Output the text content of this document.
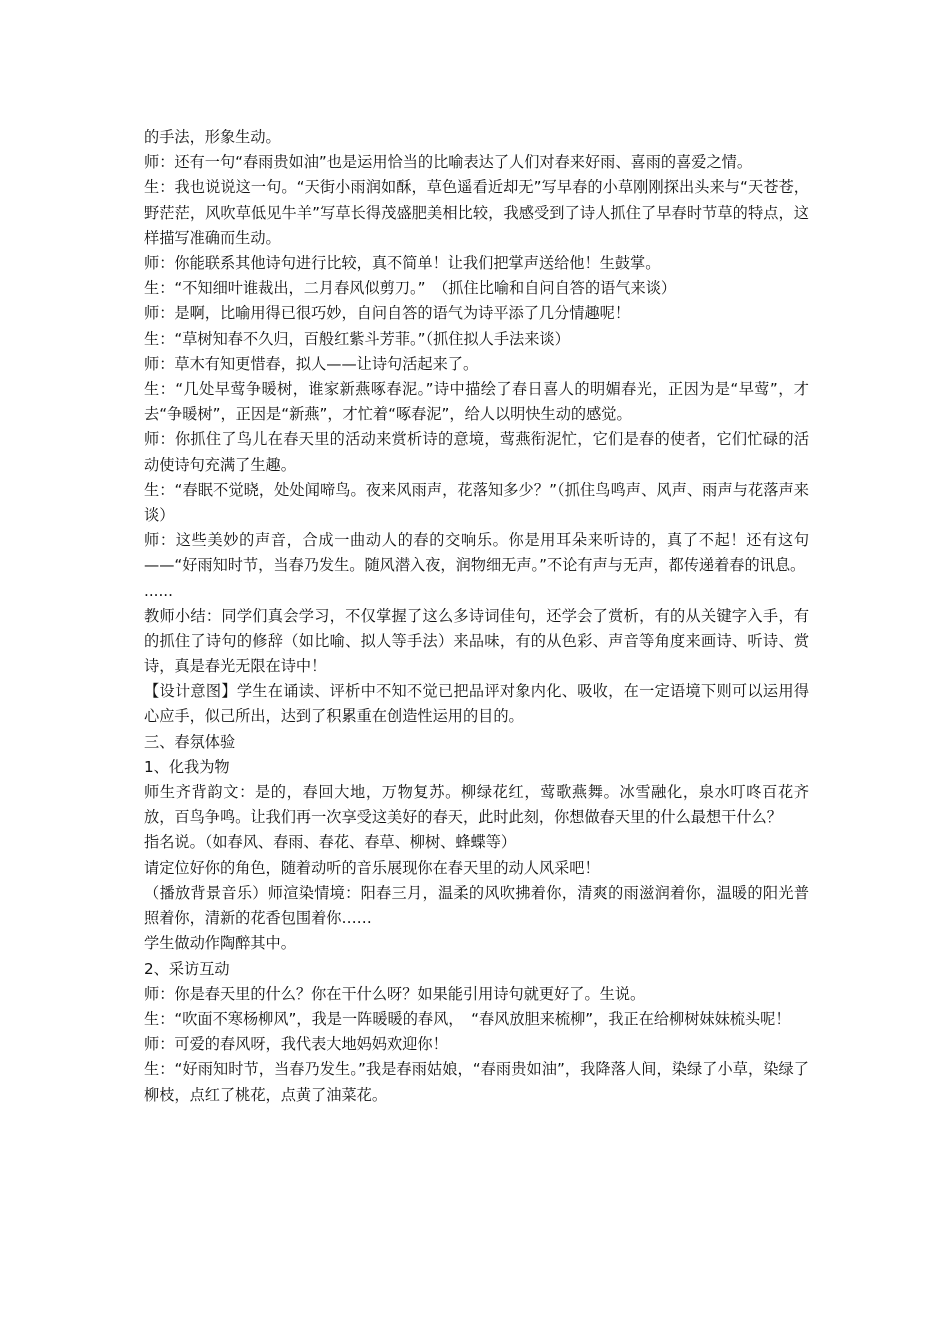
的手法，形象生动。

师：还有一句“春雨贵如油”也是运用恰当的比喻表达了人们对春来好雨、喜雨的喜爱之情。

生：我也说说这一句。“天街小雨润如酥，草色遥看近却无”写早春的小草刚刚探出头来与“天苍苍，野茫茫，风吹草低见牛羊”写草长得茂盛肥美相比较，我感受到了诗人抓住了早春时节草的特点，这样描写准确而生动。

师：你能联系其他诗句进行比较，真不简单！让我们把掌声送给他！生鼓掌。

生：“不知细叶谁裁出，二月春风似剪刀。”　（抓住比喻和自问自答的语气来谈）

师：是啊，比喻用得已很巧妙，自问自答的语气为诗平添了几分情趣呢！

生：“草树知春不久归，百般红紫斗芳菲。”（抓住拟人手法来谈）

师：草木有知更惜春，拟人——让诗句活起来了。

生：“几处早莺争暖树，谁家新燕啄春泥。”诗中描绘了春日喜人的明媚春光，正因为是“早莺”，才去“争暖树”，正因是“新燕”，才忙着“啄春泥”，给人以明快生动的感觉。

师：你抓住了鸟儿在春天里的活动来赏析诗的意境，莺燕衔泥忙，它们是春的使者，它们忙碌的活动使诗句充满了生趣。

生：“春眠不觉晓，处处闻啼鸟。夜来风雨声，花落知多少？”（抓住鸟鸣声、风声、雨声与花落声来谈）

师：这些美妙的声音，合成一曲动人的春的交响乐。你是用耳朵来听诗的，真了不起！还有这句——“好雨知时节，当春乃发生。随风潜入夜，润物细无声。”不论有声与无声，都传递着春的讯息。

......

教师小结：同学们真会学习，不仅掌握了这么多诗词佳句，还学会了赏析，有的从关键字入手，有的抓住了诗句的修辞（如比喻、拟人等手法）来品味，有的从色彩、声音等角度来画诗、听诗、赏诗，真是春光无限在诗中！

【设计意图】学生在诵读、评析中不知不觉已把品评对象内化、吸收，在一定语境下则可以运用得心应手，似己所出，达到了积累重在创造性运用的目的。

三、春氛体验

1、化我为物

师生齐背韵文：是的，春回大地，万物复苏。柳绿花红，莺歌燕舞。冰雪融化，泉水叮咚百花齐放，百鸟争鸣。让我们再一次享受这美好的春天，此时此刻，你想做春天里的什么最想干什么？

指名说。（如春风、春雨、春花、春草、柳树、蜂蝶等）

请定位好你的角色，随着动听的音乐展现你在春天里的动人风采吧！

（播放背景音乐）师渲染情境：阳春三月，温柔的风吹拂着你，清爽的雨滋润着你，温暖的阳光普照着你，清新的花香包围着你……

学生做动作陶醉其中。

2、采访互动

师：你是春天里的什么？你在干什么呀？如果能引用诗句就更好了。生说。

生：“吹面不寒杨柳风”，我是一阵暖暖的春风，　“春风放胆来梳柳”，我正在给柳树妹妹梳头呢！

师：可爱的春风呀，我代表大地妈妈欢迎你！

生：“好雨知时节，当春乃发生。”我是春雨姑娘，“春雨贵如油”，我降落人间，染绿了小草，染绿了柳枝，点红了桃花，点黄了油菜花。
